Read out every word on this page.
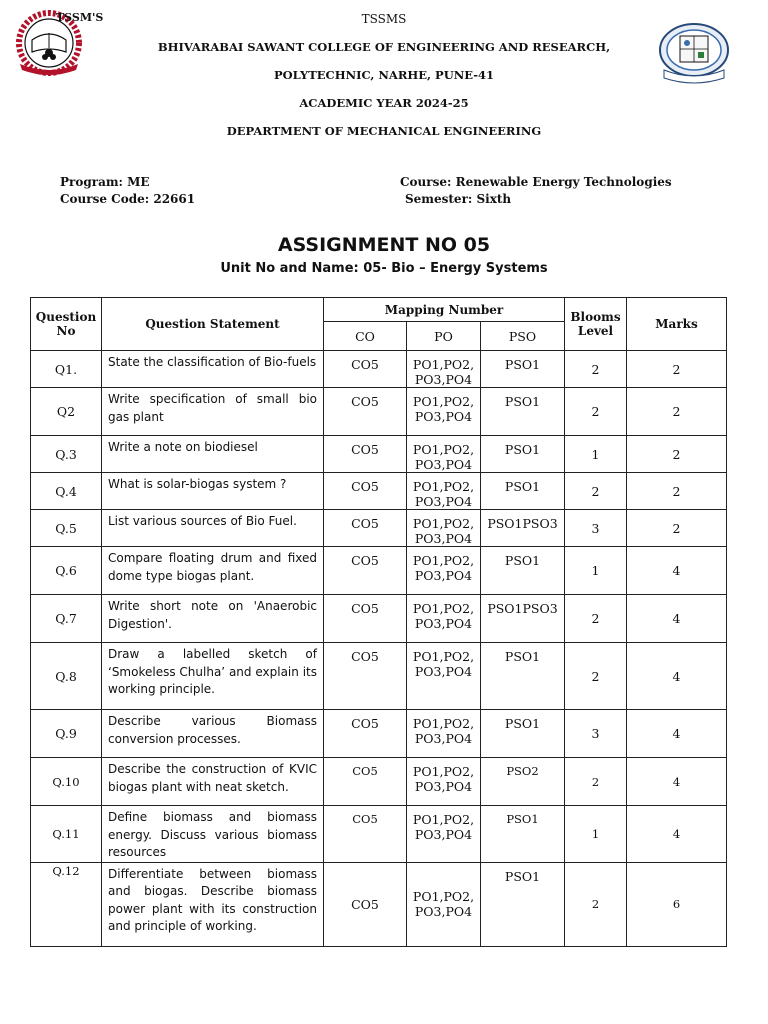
TSSM'S	TSSMS
BHIVARABAI SAWANT COLLEGE OF ENGINEERING AND RESEARCH,
POLYTECHNIC, NARHE, PUNE-41
ACADEMIC YEAR 2024-25
DEPARTMENT OF MECHANICAL ENGINEERING
Program: ME
Course Code: 22661
Course: Renewable Energy Technologies
Semester: Sixth
ASSIGNMENT NO 05
Unit No and Name: 05- Bio – Energy Systems
Question No	Question Statement	Mapping Number			Blooms Level	Marks
		CO	PO	PSO		
Q1.	State the classification of Bio-fuels	CO5	PO1,PO2, PO3,PO4	PSO1	2	2
Q2	Write specification of small bio gas plant	CO5	PO1,PO2, PO3,PO4	PSO1	2	2
Q.3	Write a note on biodiesel	CO5	PO1,PO2, PO3,PO4	PSO1	1	2
Q.4	What is solar-biogas system ?	CO5	PO1,PO2, PO3,PO4	PSO1	2	2
Q.5	List various sources of Bio Fuel.	CO5	PO1,PO2, PO3,PO4	PSO1PSO3	3	2
Q.6	Compare floating drum and fixed dome type biogas plant.	CO5	PO1,PO2, PO3,PO4	PSO1	1	4
Q.7	Write short note on 'Anaerobic Digestion'.	CO5	PO1,PO2, PO3,PO4	PSO1PSO3	2	4
Q.8	Draw a labelled sketch of ‘Smokeless Chulha’ and explain its working principle.	CO5	PO1,PO2, PO3,PO4	PSO1	2	4
Q.9	Describe various Biomass conversion processes.	CO5	PO1,PO2, PO3,PO4	PSO1	3	4
Q.10	Describe the construction of KVIC biogas plant with neat sketch.	CO5	PO1,PO2, PO3,PO4	PSO2	2	4
Q.11	Define biomass and biomass energy. Discuss various biomass resources	CO5	PO1,PO2, PO3,PO4	PSO1	1	4
Q.12	Differentiate between biomass and biogas. Describe biomass power plant with its construction and principle of working.	CO5	PO1,PO2, PO3,PO4	PSO1	2	6
